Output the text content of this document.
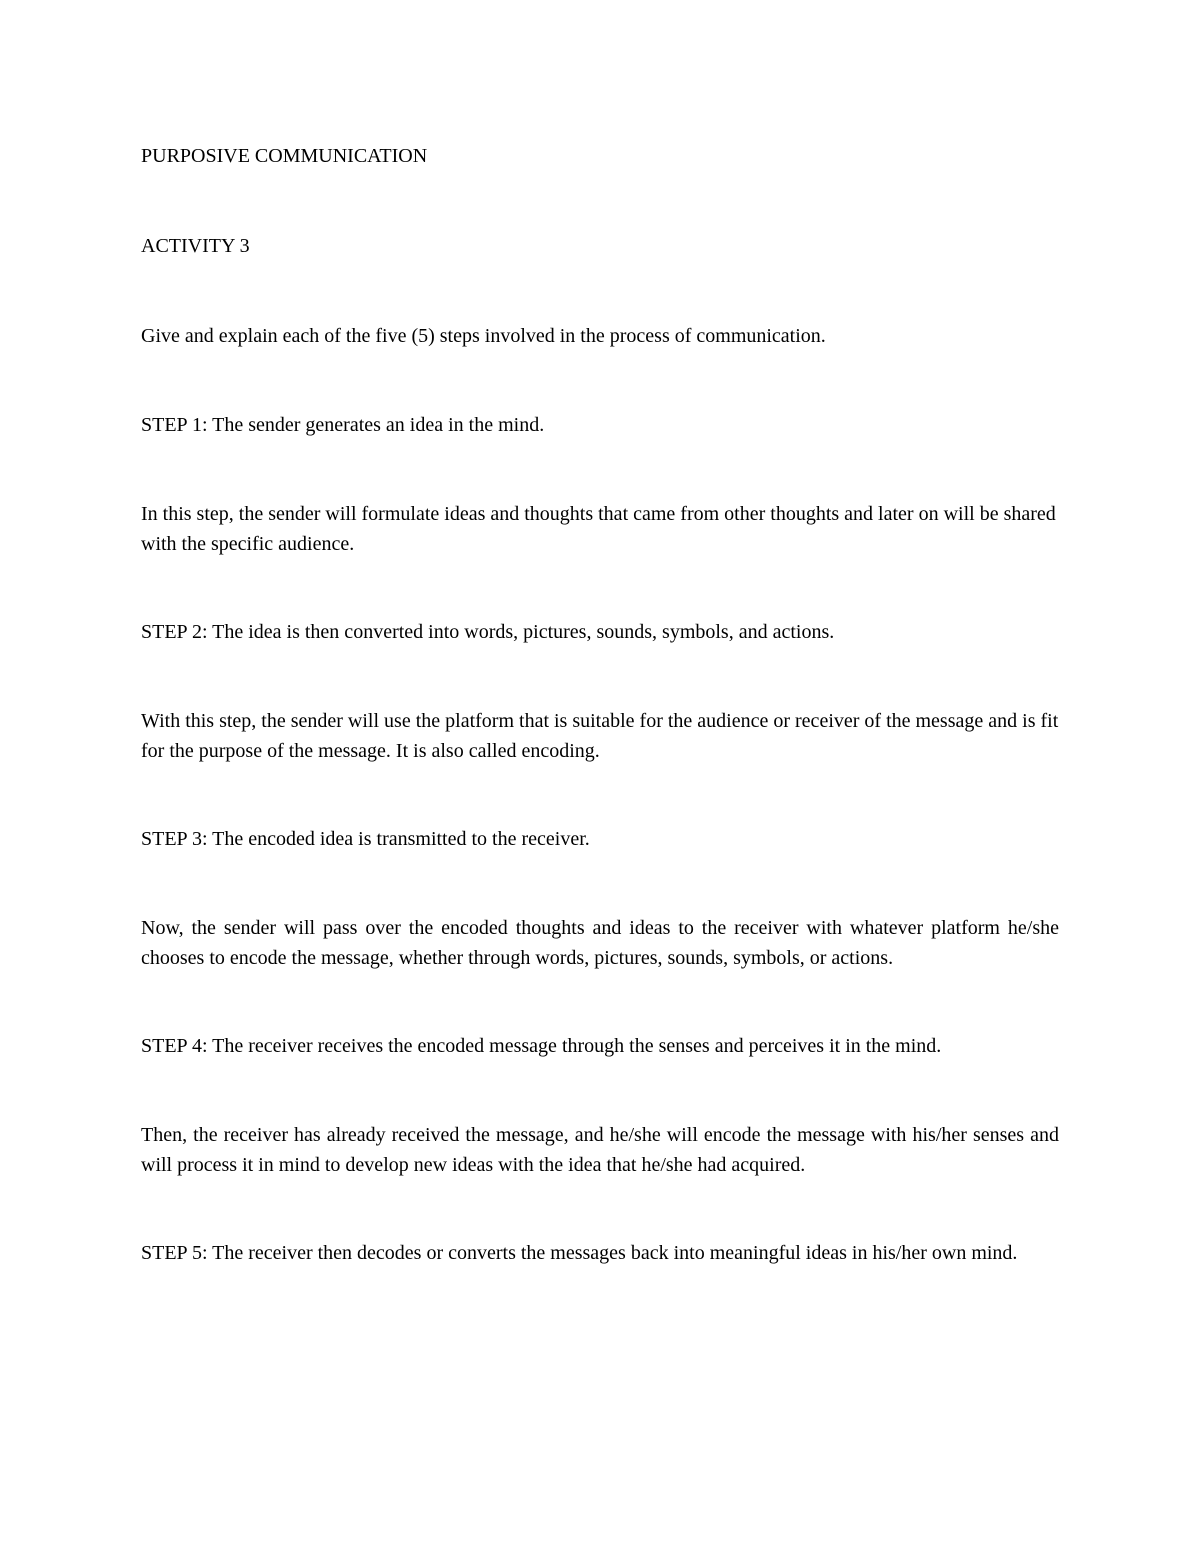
PURPOSIVE COMMUNICATION

ACTIVITY 3

Give and explain each of the five (5) steps involved in the process of communication.

STEP 1: The sender generates an idea in the mind.

In this step, the sender will formulate ideas and thoughts that came from other thoughts and later on will be shared with the specific audience.

STEP 2: The idea is then converted into words, pictures, sounds, symbols, and actions.

With this step, the sender will use the platform that is suitable for the audience or receiver of the message and is fit for the purpose of the message. It is also called encoding.

STEP 3: The encoded idea is transmitted to the receiver.

Now, the sender will pass over the encoded thoughts and ideas to the receiver with whatever platform he/she chooses to encode the message, whether through words, pictures, sounds, symbols, or actions.

STEP 4: The receiver receives the encoded message through the senses and perceives it in the mind.

Then, the receiver has already received the message, and he/she will encode the message with his/her senses and will process it in mind to develop new ideas with the idea that he/she had acquired.

STEP 5: The receiver then decodes or converts the messages back into meaningful ideas in his/her own mind.
